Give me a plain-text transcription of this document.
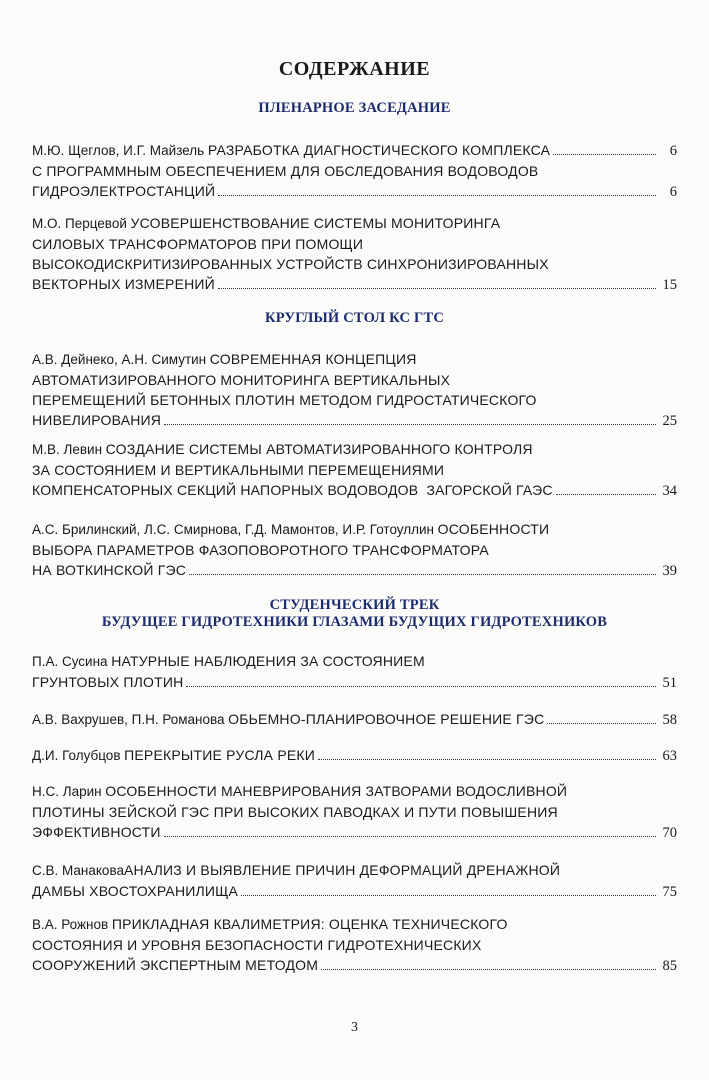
СОДЕРЖАНИЕ
ПЛЕНАРНОЕ ЗАСЕДАНИЕ
М.Ю. Щеглов, И.Г. Майзель РАЗРАБОТКА ДИАГНОСТИЧЕСКОГО КОМПЛЕКСА	6
С ПРОГРАММНЫМ ОБЕСПЕЧЕНИЕМ ДЛЯ ОБСЛЕДОВАНИЯ ВОДОВОДОВ
ГИДРОЭЛЕКТРОСТАНЦИЙ	6
М.О. Перцевой УСОВЕРШЕНСТВОВАНИЕ СИСТЕМЫ МОНИТОРИНГА
СИЛОВЫХ ТРАНСФОРМАТОРОВ ПРИ ПОМОЩИ
ВЫСОКОДИСКРИТИЗИРОВАННЫХ УСТРОЙСТВ СИНХРОНИЗИРОВАННЫХ
ВЕКТОРНЫХ ИЗМЕРЕНИЙ	15
КРУГЛЫЙ СТОЛ КС ГТС
А.В. Дейнеко, А.Н. Симутин СОВРЕМЕННАЯ КОНЦЕПЦИЯ
АВТОМАТИЗИРОВАННОГО МОНИТОРИНГА ВЕРТИКАЛЬНЫХ
ПЕРЕМЕЩЕНИЙ БЕТОННЫХ ПЛОТИН МЕТОДОМ ГИДРОСТАТИЧЕСКОГО
НИВЕЛИРОВАНИЯ	25
М.В. Левин СОЗДАНИЕ СИСТЕМЫ АВТОМАТИЗИРОВАННОГО КОНТРОЛЯ
ЗА СОСТОЯНИЕМ И ВЕРТИКАЛЬНЫМИ ПЕРЕМЕЩЕНИЯМИ
КОМПЕНСАТОРНЫХ СЕКЦИЙ НАПОРНЫХ ВОДОВОДОВ  ЗАГОРСКОЙ ГАЭС	34
А.С. Брилинский, Л.С. Смирнова, Г.Д. Мамонтов, И.Р. Готоуллин ОСОБЕННОСТИ
ВЫБОРА ПАРАМЕТРОВ ФАЗОПОВОРОТНОГО ТРАНСФОРМАТОРА
НА ВОТКИНСКОЙ ГЭС	39
СТУДЕНЧЕСКИЙ ТРЕК
БУДУЩЕЕ ГИДРОТЕХНИКИ ГЛАЗАМИ БУДУЩИХ ГИДРОТЕХНИКОВ
П.А. Сусина НАТУРНЫЕ НАБЛЮДЕНИЯ ЗА СОСТОЯНИЕМ
ГРУНТОВЫХ ПЛОТИН	51
А.В. Вахрушев, П.Н. Романова ОБЬЕМНО-ПЛАНИРОВОЧНОЕ РЕШЕНИЕ ГЭС	58
Д.И. Голубцов ПЕРЕКРЫТИЕ РУСЛА РЕКИ	63
Н.С. Ларин ОСОБЕННОСТИ МАНЕВРИРОВАНИЯ ЗАТВОРАМИ ВОДОСЛИВНОЙ
ПЛОТИНЫ ЗЕЙСКОЙ ГЭС ПРИ ВЫСОКИХ ПАВОДКАХ И ПУТИ ПОВЫШЕНИЯ
ЭФФЕКТИВНОСТИ	70
С.В. МанаковаАНАЛИЗ И ВЫЯВЛЕНИЕ ПРИЧИН ДЕФОРМАЦИЙ ДРЕНАЖНОЙ
ДАМБЫ ХВОСТОХРАНИЛИЩА	75
В.А. Рожнов ПРИКЛАДНАЯ КВАЛИМЕТРИЯ: ОЦЕНКА ТЕХНИЧЕСКОГО
СОСТОЯНИЯ И УРОВНЯ БЕЗОПАСНОСТИ ГИДРОТЕХНИЧЕСКИХ
СООРУЖЕНИЙ ЭКСПЕРТНЫМ МЕТОДОМ	85
3
